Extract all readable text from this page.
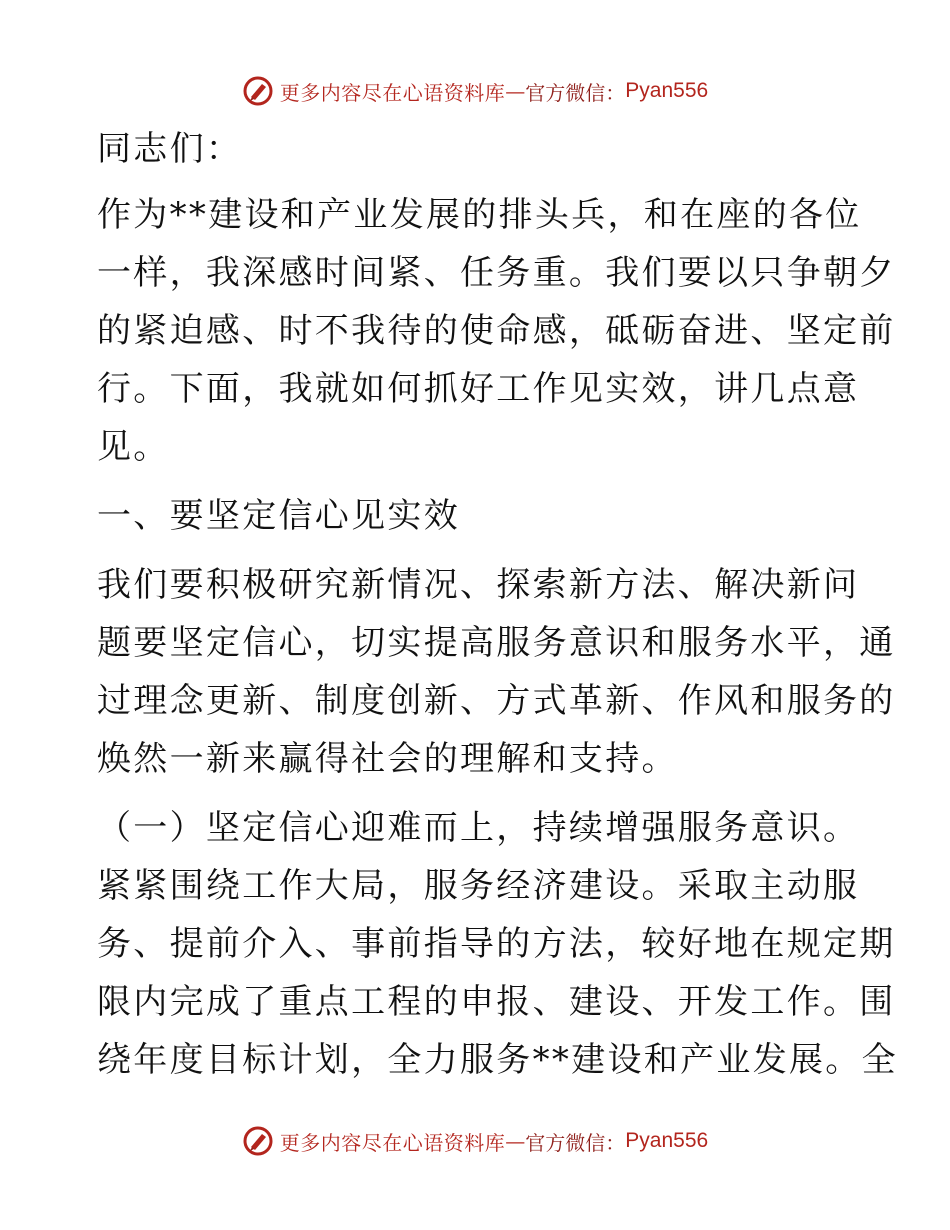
更多内容尽在心语资料库 — 官方微信： Pyan556
同志们：
作为**建设和产业发展的排头兵，和在座的各位
一样，我深感时间紧、任务重。我们要以只争朝夕
的紧迫感、时不我待的使命感，砥砺奋进、坚定前
行。下面，我就如何抓好工作见实效，讲几点意
见。
一、要坚定信心见实效
我们要积极研究新情况、探索新方法、解决新问
题要坚定信心，切实提高服务意识和服务水平，通
过理念更新、制度创新、方式革新、作风和服务的
焕然一新来赢得社会的理解和支持。
（一）坚定信心迎难而上，持续增强服务意识。
紧紧围绕工作大局，服务经济建设。采取主动服
务、提前介入、事前指导的方法，较好地在规定期
限内完成了重点工程的申报、建设、开发工作。围
绕年度目标计划，全力服务**建设和产业发展。全
更多内容尽在心语资料库 — 官方微信： Pyan556
